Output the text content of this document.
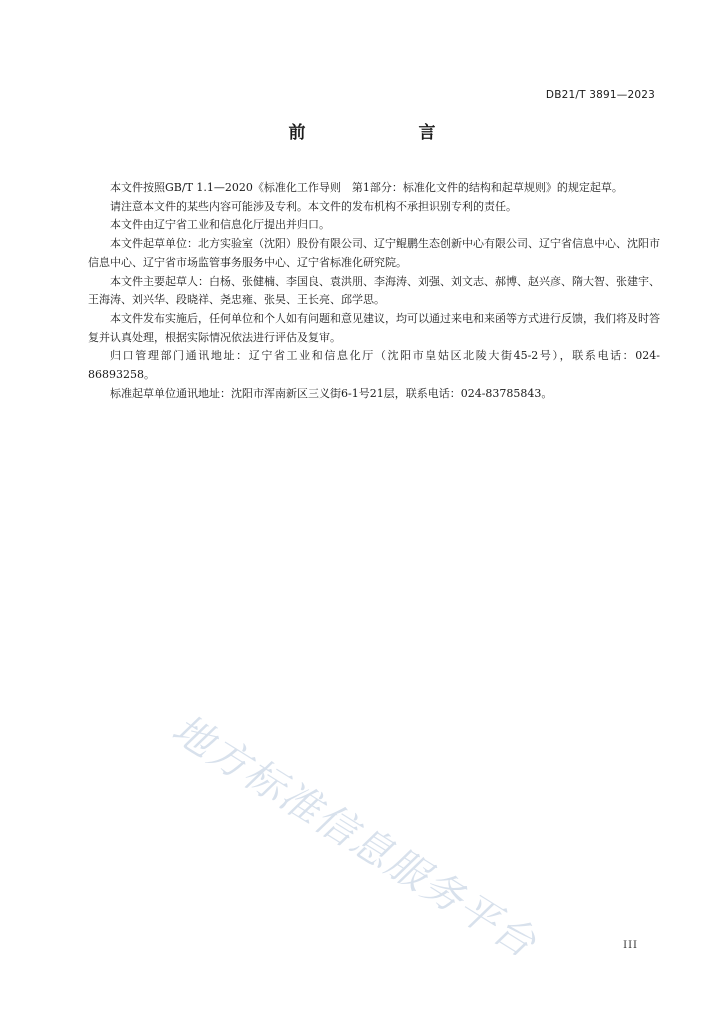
DB21/T 3891—2023
前　言

本文件按照GB/T 1.1—2020《标准化工作导则　第1部分：标准化文件的结构和起草规则》的规定起草。

请注意本文件的某些内容可能涉及专利。本文件的发布机构不承担识别专利的责任。

本文件由辽宁省工业和信息化厅提出并归口。

本文件起草单位：北方实验室（沈阳）股份有限公司、辽宁鲲鹏生态创新中心有限公司、辽宁省信息中心、沈阳市信息中心、辽宁省市场监管事务服务中心、辽宁省标准化研究院。

本文件主要起草人：白杨、张健楠、李国良、袁洪朋、李海涛、刘强、刘文志、郝博、赵兴彦、隋大智、张建宇、王海涛、刘兴华、段晓祥、尧忠雍、张昊、王长亮、邱学思。

本文件发布实施后，任何单位和个人如有问题和意见建议，均可以通过来电和来函等方式进行反馈，我们将及时答复并认真处理，根据实际情况依法进行评估及复审。

归口管理部门通讯地址：辽宁省工业和信息化厅（沈阳市皇姑区北陵大街45-2号），联系电话：024-86893258。

标准起草单位通讯地址：沈阳市浑南新区三义街6-1号21层，联系电话：024-83785843。

地方标准信息服务平台	III
